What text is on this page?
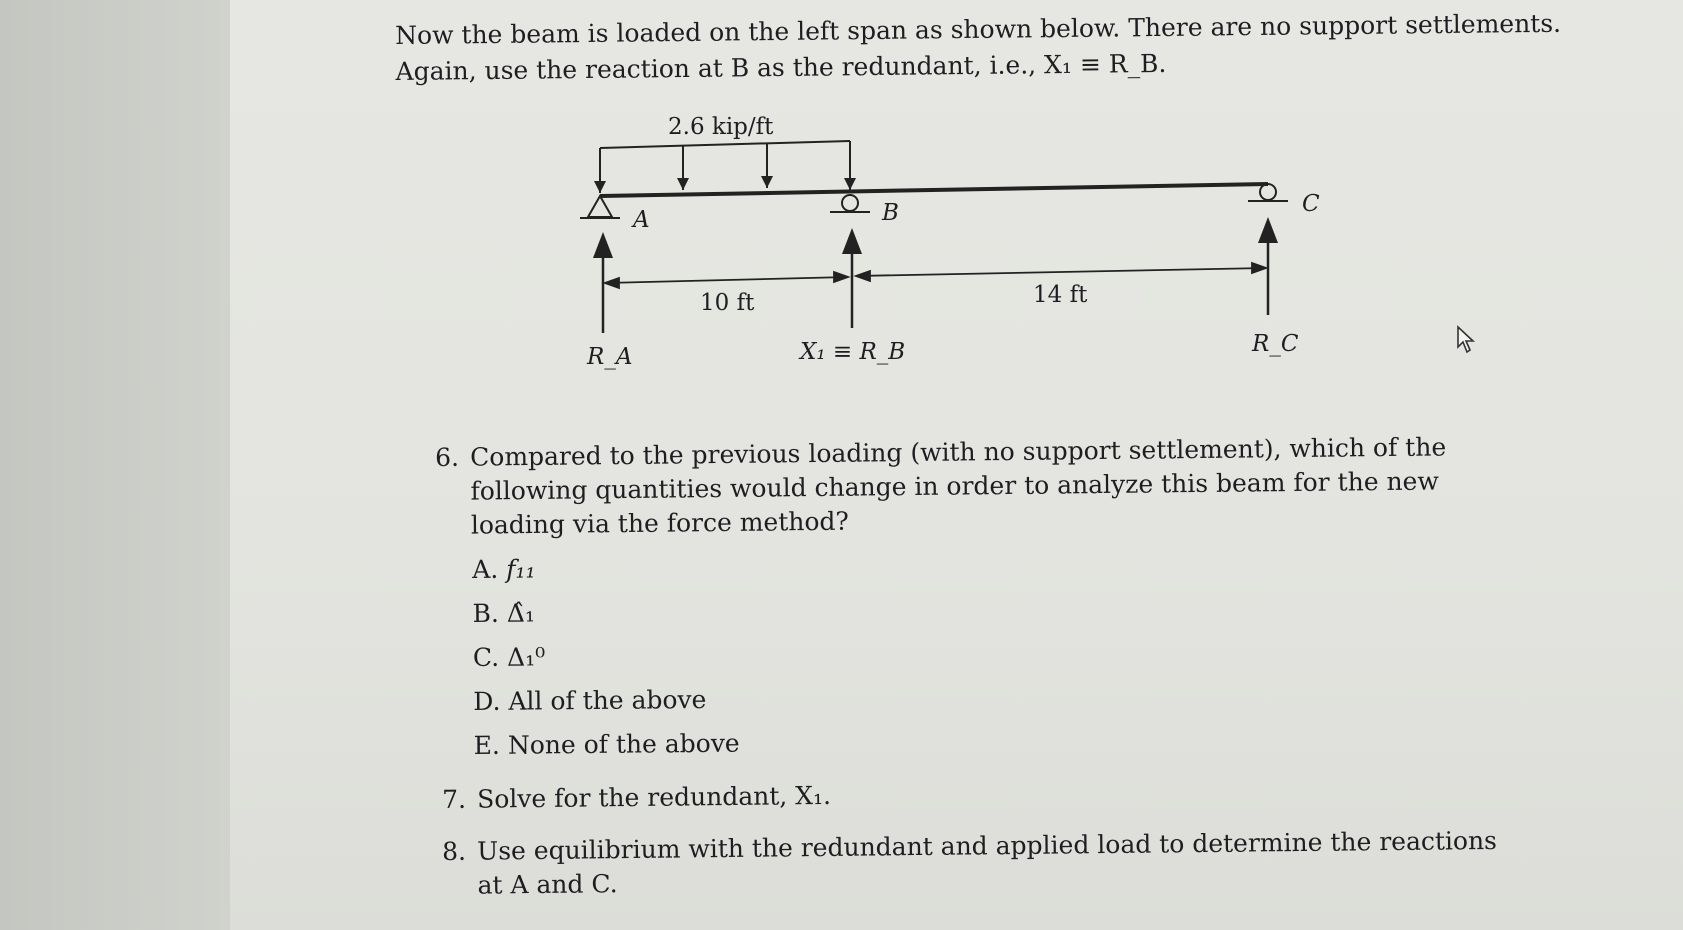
Now the beam is loaded on the left span as shown below. There are no support settlements.
Again, use the reaction at B as the redundant, i.e., X₁ ≡ R_B.
2.6 kip/ft
A	B	C
10 ft	14 ft
R_A	X₁ ≡ R_B	R_C
6. Compared to the previous loading (with no support settlement), which of the following quantities would change in order to analyze this beam for the new loading via the force method?
A. f₁₁
B. Δ̂₁
C. Δ₁⁰
D. All of the above
E. None of the above
7. Solve for the redundant, X₁.
8. Use equilibrium with the redundant and applied load to determine the reactions at A and C.
